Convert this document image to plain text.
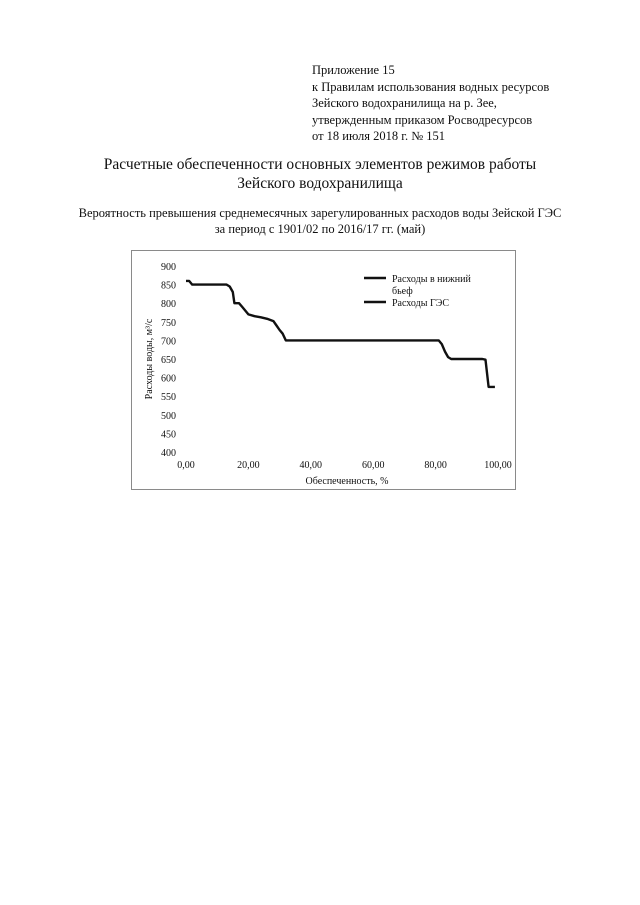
Приложение 15
к Правилам использования водных ресурсов
Зейского водохранилища на р. Зее,
утвержденным приказом Росводресурсов
от 18 июля 2018 г. № 151
Расчетные обеспеченности основных элементов режимов работы
Зейского водохранилища
Вероятность превышения среднемесячных зарегулированных расходов воды Зейской ГЭС
за период с 1901/02 по 2016/17 гг. (май)
900
850
800
750
700
650
600
550
500
450
400
0,00	20,00	40,00	60,00	80,00	100,00
Обеспеченность, %
Расходы воды, м³/с
Расходы в нижний бьеф
Расходы ГЭС
